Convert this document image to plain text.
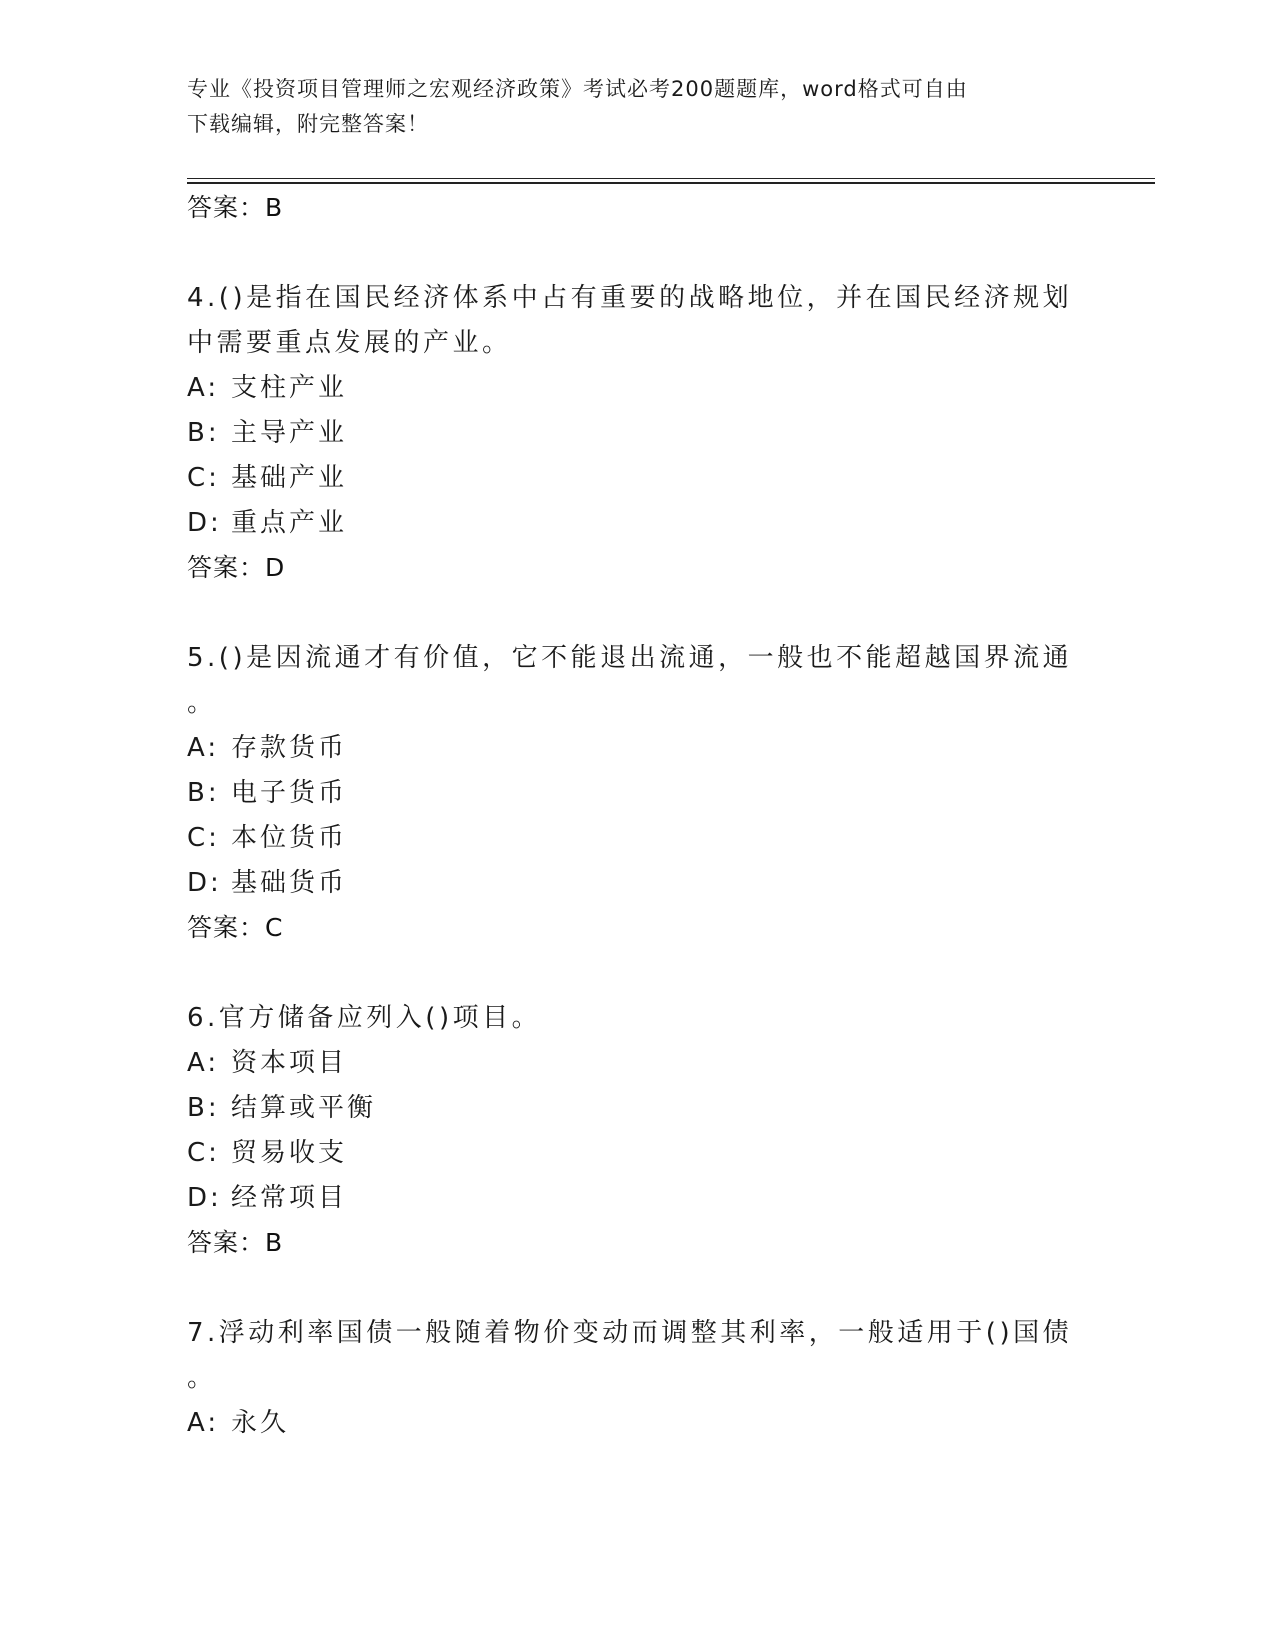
专业《投资项目管理师之宏观经济政策》考试必考200题题库，word格式可自由
下载编辑，附完整答案！
答案：B
4.()是指在国民经济体系中占有重要的战略地位，并在国民经济规划
中需要重点发展的产业。
A: 支柱产业
B: 主导产业
C: 基础产业
D: 重点产业
答案：D
5.()是因流通才有价值，它不能退出流通，一般也不能超越国界流通
。
A: 存款货币
B: 电子货币
C: 本位货币
D: 基础货币
答案：C
6.官方储备应列入()项目。
A: 资本项目
B: 结算或平衡
C: 贸易收支
D: 经常项目
答案：B
7.浮动利率国债一般随着物价变动而调整其利率，一般适用于()国债
。
A: 永久
